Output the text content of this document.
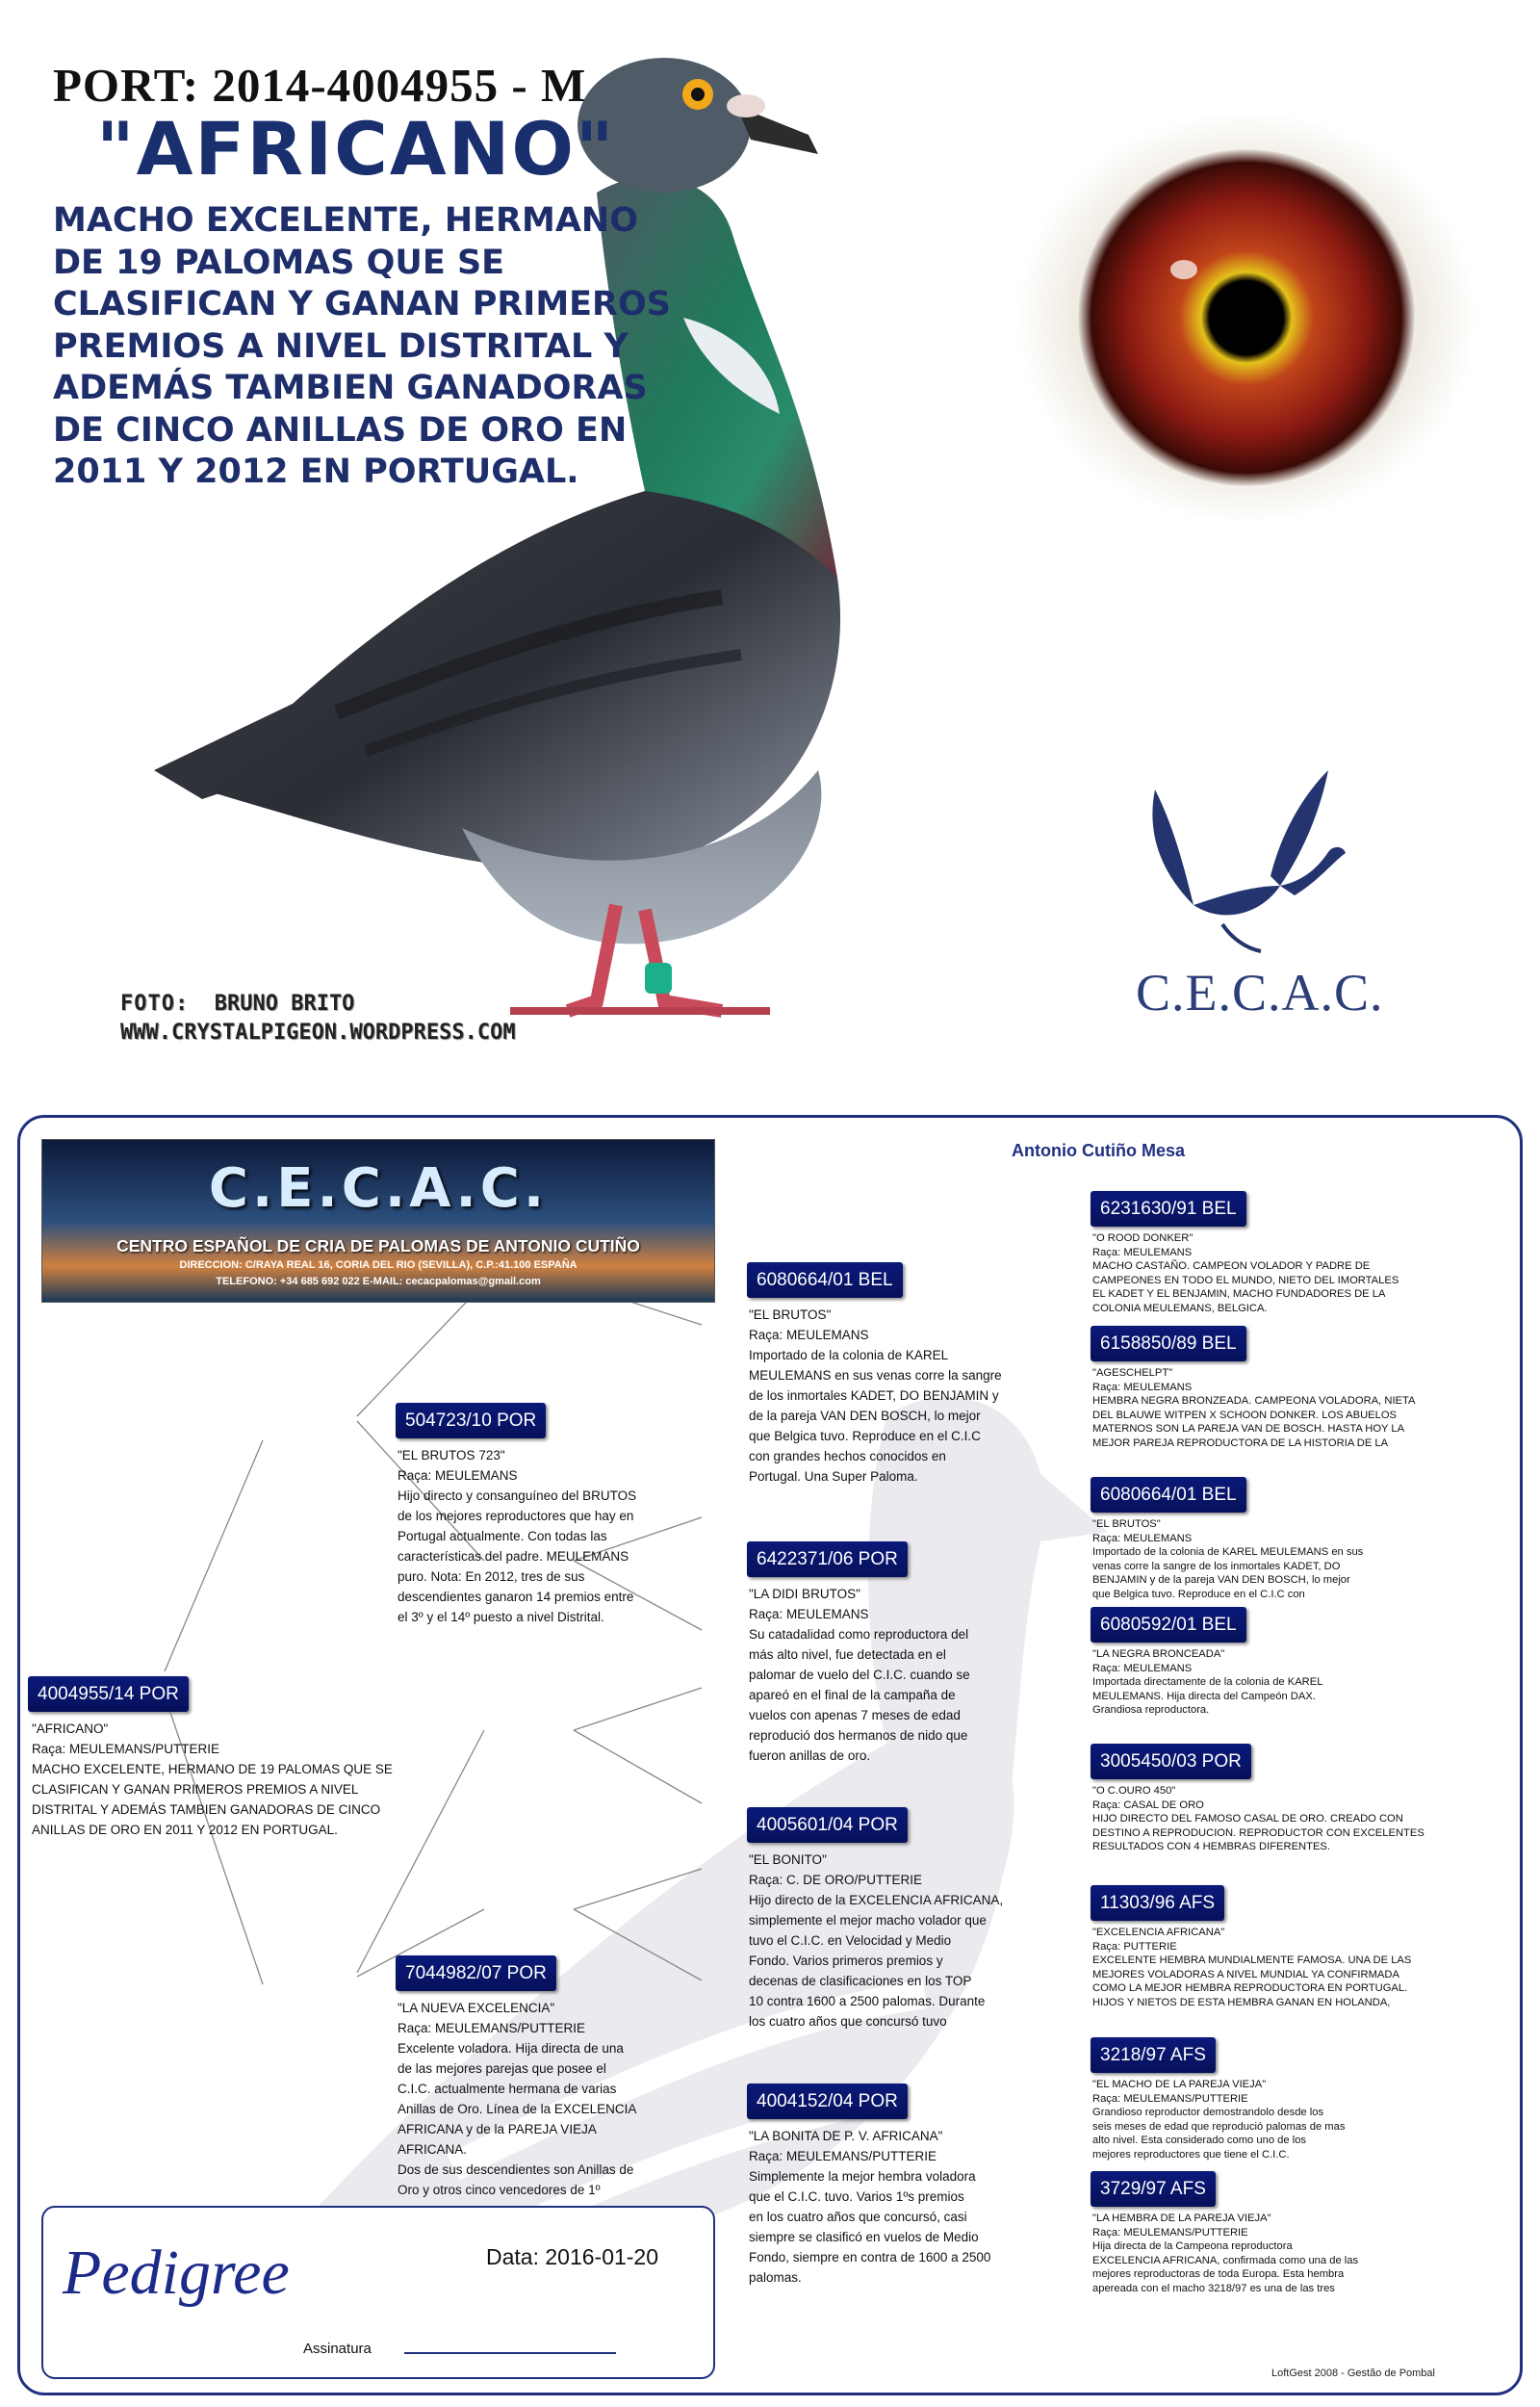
PORT: 2014-4004955 - M
"AFRICANO"
MACHO EXCELENTE, HERMANO
DE 19 PALOMAS QUE SE
CLASIFICAN Y GANAN PRIMEROS
PREMIOS A NIVEL DISTRITAL Y
ADEMÁS TAMBIEN GANADORAS
DE CINCO ANILLAS DE ORO EN
2011 Y 2012 EN PORTUGAL.
FOTO: BRUNO BRITO
WWW.CRYSTALPIGEON.WORDPRESS.COM
C.E.C.A.C.
C.E.C.A.C.
CENTRO ESPAÑOL DE CRIA DE PALOMAS DE ANTONIO CUTIÑO
DIRECCION: C/RAYA REAL 16, CORIA DEL RIO (SEVILLA), C.P.:41.100 ESPAÑA
TELEFONO: +34 685 692 022 E-MAIL: cecacpalomas@gmail.com
Antonio Cutiño Mesa
4004955/14 POR
"AFRICANO"
Raça: MEULEMANS/PUTTERIE
MACHO EXCELENTE, HERMANO DE 19 PALOMAS QUE SE
CLASIFICAN Y GANAN PRIMEROS PREMIOS A NIVEL
DISTRITAL Y ADEMÁS TAMBIEN GANADORAS DE CINCO
ANILLAS DE ORO EN 2011 Y 2012 EN PORTUGAL.
504723/10 POR
"EL BRUTOS 723"
Raça: MEULEMANS
Hijo directo y consanguíneo del BRUTOS
de los mejores reproductores que hay en
Portugal actualmente. Con todas las
características del padre. MEULEMANS
puro. Nota: En 2012, tres de sus
descendientes ganaron 14 premios entre
el 3º y el 14º puesto a nivel Distrital.
7044982/07 POR
"LA NUEVA EXCELENCIA"
Raça: MEULEMANS/PUTTERIE
Excelente voladora. Hija directa de una
de las mejores parejas que posee el
C.I.C. actualmente hermana de varias
Anillas de Oro. Línea de la EXCELENCIA
AFRICANA y de la PAREJA VIEJA AFRICANA.
Dos de sus descendientes son Anillas de
Oro y otros cinco vencedores de 1º
6080664/01 BEL
"EL BRUTOS"
Raça: MEULEMANS
Importado de la colonia de KAREL
MEULEMANS en sus venas corre la sangre
de los inmortales KADET, DO BENJAMIN y
de la pareja VAN DEN BOSCH, lo mejor
que Belgica tuvo. Reproduce en el C.I.C
con grandes hechos conocidos en
Portugal. Una Super Paloma.
6422371/06 POR
"LA DIDI BRUTOS"
Raça: MEULEMANS
Su catadalidad como reproductora del
más alto nivel, fue detectada en el
palomar de vuelo del C.I.C. cuando se
apareó en el final de la campaña de
vuelos con apenas 7 meses de edad
reprodució dos hermanos de nido que
fueron anillas de oro.
4005601/04 POR
"EL BONITO"
Raça: C. DE ORO/PUTTERIE
Hijo directo de la EXCELENCIA AFRICANA,
simplemente el mejor macho volador que
tuvo el C.I.C. en Velocidad y Medio
Fondo. Varios primeros premios y
decenas de clasificaciones en los TOP
10 contra 1600 a 2500 palomas. Durante
los cuatro años que concursó tuvo
4004152/04 POR
"LA BONITA DE P. V. AFRICANA"
Raça: MEULEMANS/PUTTERIE
Simplemente la mejor hembra voladora
que el C.I.C. tuvo. Varios 1ºs premios
en los cuatro años que concursó, casi
siempre se clasificó en vuelos de Medio
Fondo, siempre en contra de 1600 a 2500
palomas.
6231630/91 BEL
"O ROOD DONKER"
Raça: MEULEMANS
MACHO CASTAÑO. CAMPEON VOLADOR Y PADRE DE
CAMPEONES EN TODO EL MUNDO, NIETO DEL IMORTALES
EL KADET Y EL BENJAMIN, MACHO FUNDADORES DE LA
COLONIA MEULEMANS, BELGICA.
6158850/89 BEL
"AGESCHELPT"
Raça: MEULEMANS
HEMBRA NEGRA BRONZEADA. CAMPEONA VOLADORA, NIETA
DEL BLAUWE WITPEN X SCHOON DONKER. LOS ABUELOS
MATERNOS SON LA PAREJA VAN DE BOSCH. HASTA HOY LA
MEJOR PAREJA REPRODUCTORA DE LA HISTORIA DE LA
6080664/01 BEL
"EL BRUTOS"
Raça: MEULEMANS
Importado de la colonia de KAREL MEULEMANS en sus
venas corre la sangre de los inmortales KADET, DO
BENJAMIN y de la pareja VAN DEN BOSCH, lo mejor
que Belgica tuvo. Reproduce en el C.I.C con
6080592/01 BEL
"LA NEGRA BRONCEADA"
Raça: MEULEMANS
Importada directamente de la colonia de KAREL
MEULEMANS. Hija directa del Campeón DAX.
Grandiosa reproductora.
3005450/03 POR
"O C.OURO 450"
Raça: CASAL DE ORO
HIJO DIRECTO DEL FAMOSO CASAL DE ORO. CREADO CON
DESTINO A REPRODUCION. REPRODUCTOR CON EXCELENTES
RESULTADOS CON 4 HEMBRAS DIFERENTES.
11303/96 AFS
"EXCELENCIA AFRICANA"
Raça: PUTTERIE
EXCELENTE HEMBRA MUNDIALMENTE FAMOSA. UNA DE LAS
MEJORES VOLADORAS A NIVEL MUNDIAL YA CONFIRMADA
COMO LA MEJOR HEMBRA REPRODUCTORA EN PORTUGAL.
HIJOS Y NIETOS DE ESTA HEMBRA GANAN EN HOLANDA,
3218/97 AFS
"EL MACHO DE LA PAREJA VIEJA"
Raça: MEULEMANS/PUTTERIE
Grandioso reproductor demostrandolo desde los
seis meses de edad que reprodució palomas de mas
alto nivel. Esta considerado como uno de los
mejores reproductores que tiene el C.I.C.
3729/97 AFS
"LA HEMBRA DE LA PAREJA VIEJA"
Raça: MEULEMANS/PUTTERIE
Hija directa de la Campeona reproductora
EXCELENCIA AFRICANA, confirmada como una de las
mejores reproductoras de toda Europa. Esta hembra
apereada con el macho 3218/97 es una de las tres
Pedigree	Data: 2016-01-20
Assinatura
LoftGest 2008 - Gestão de Pombal
